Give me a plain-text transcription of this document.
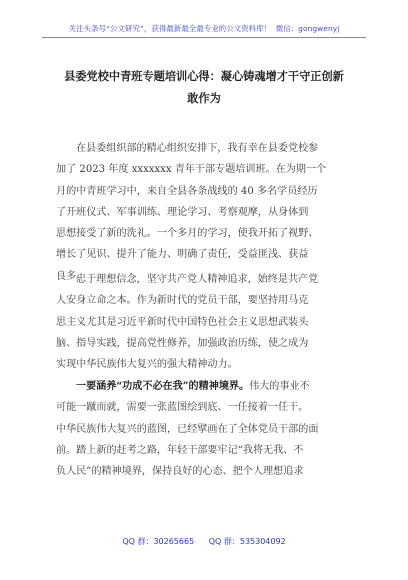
关注头条号“公文研究”，获得最新最全最专业的公文资料库！ 微信：gongwenyj
县委党校中青班专题培训心得：凝心铸魂增才干守正创新
敢作为
在县委组织部的精心组织安排下，我有幸在县委党校参
加了 2023 年度 xxxxxxx 青年干部专题培训班。在为期一个
月的中青班学习中，来自全县各条战线的 40 多名学员经历
了开班仪式、军事训练、理论学习、考察观摩，从身体到
思想接受了新的洗礼。一个多月的学习，使我开拓了视野、
增长了见识、提升了能力、明确了责任，受益匪浅、获益
良多。
忠于理想信念，坚守共产党人精神追求，始终是共产党
人安身立命之本。作为新时代的党员干部，要坚持用马克
思主义尤其是习近平新时代中国特色社会主义思想武装头
脑、指导实践，提高党性修养，加强政治历练，使之成为
实现中华民族伟大复兴的强大精神动力。
一要涵养“功成不必在我”的精神境界。伟大的事业不
可能一蹴而就，需要一张蓝图绘到底、一任接着一任干。
中华民族伟大复兴的蓝图，已经擘画在了全体党员干部的面
前。踏上新的赶考之路，年轻干部要牢记“我将无我、不
负人民”的精神境界，保持良好的心态、把个人理想追求
QQ 群：30265665 QQ 群：535304092
